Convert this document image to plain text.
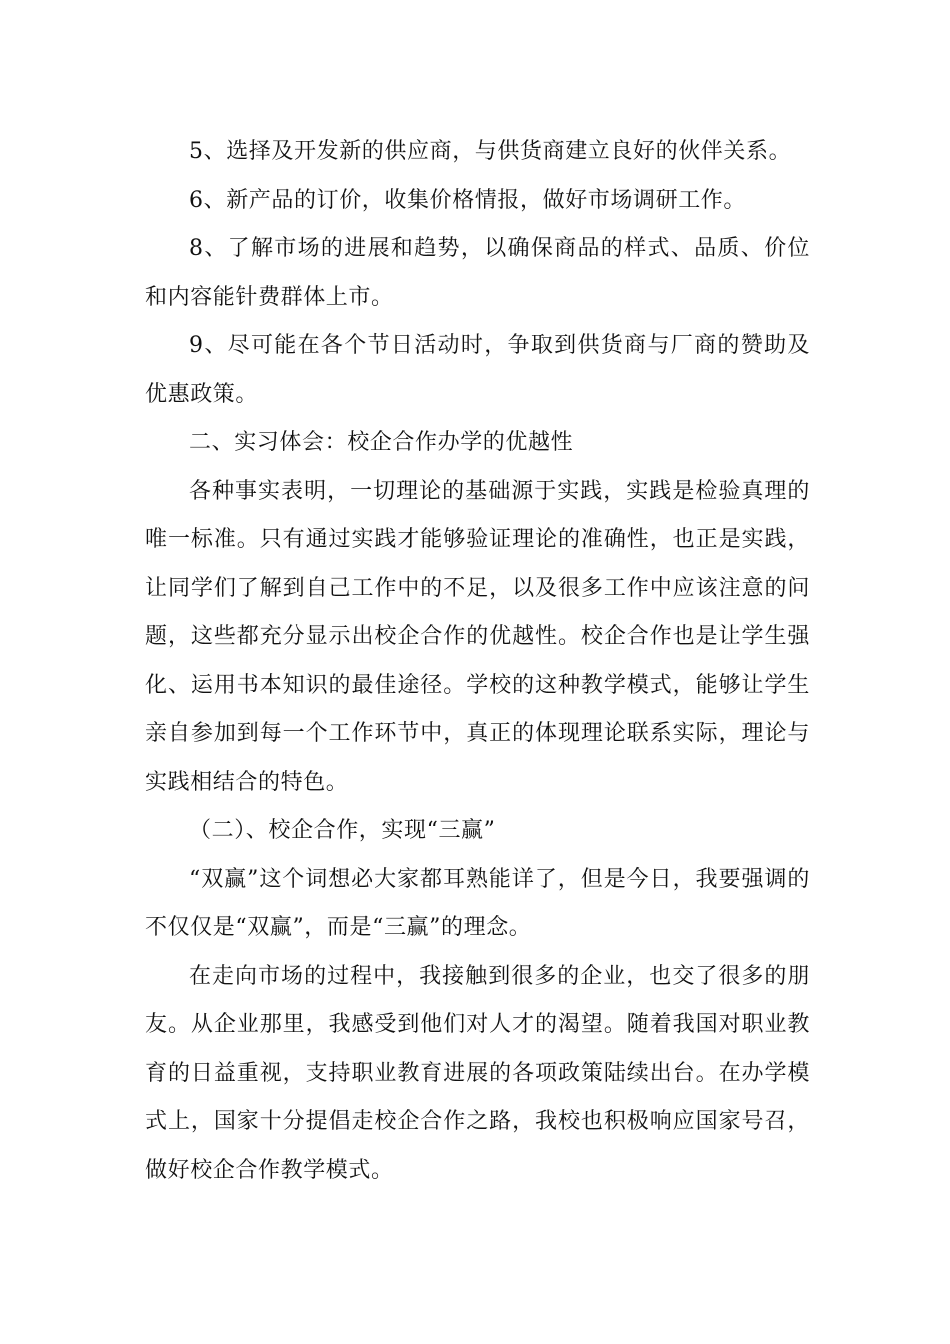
5、选择及开发新的供应商，与供货商建立良好的伙伴关系。

6、新产品的订价，收集价格情报，做好市场调研工作。

8、了解市场的进展和趋势，以确保商品的样式、品质、价位和内容能针费群体上市。

9、尽可能在各个节日活动时，争取到供货商与厂商的赞助及优惠政策。

二、实习体会：校企合作办学的优越性

各种事实表明，一切理论的基础源于实践，实践是检验真理的唯一标准。只有通过实践才能够验证理论的准确性，也正是实践，让同学们了解到自己工作中的不足，以及很多工作中应该注意的问题，这些都充分显示出校企合作的优越性。校企合作也是让学生强化、运用书本知识的最佳途径。学校的这种教学模式，能够让学生亲自参加到每一个工作环节中，真正的体现理论联系实际，理论与实践相结合的特色。

（二）、校企合作，实现“三赢”

“双赢”这个词想必大家都耳熟能详了，但是今日，我要强调的不仅仅是“双赢”，而是“三赢”的理念。

在走向市场的过程中，我接触到很多的企业，也交了很多的朋友。从企业那里，我感受到他们对人才的渴望。随着我国对职业教育的日益重视，支持职业教育进展的各项政策陆续出台。在办学模式上，国家十分提倡走校企合作之路，我校也积极响应国家号召，做好校企合作教学模式。
